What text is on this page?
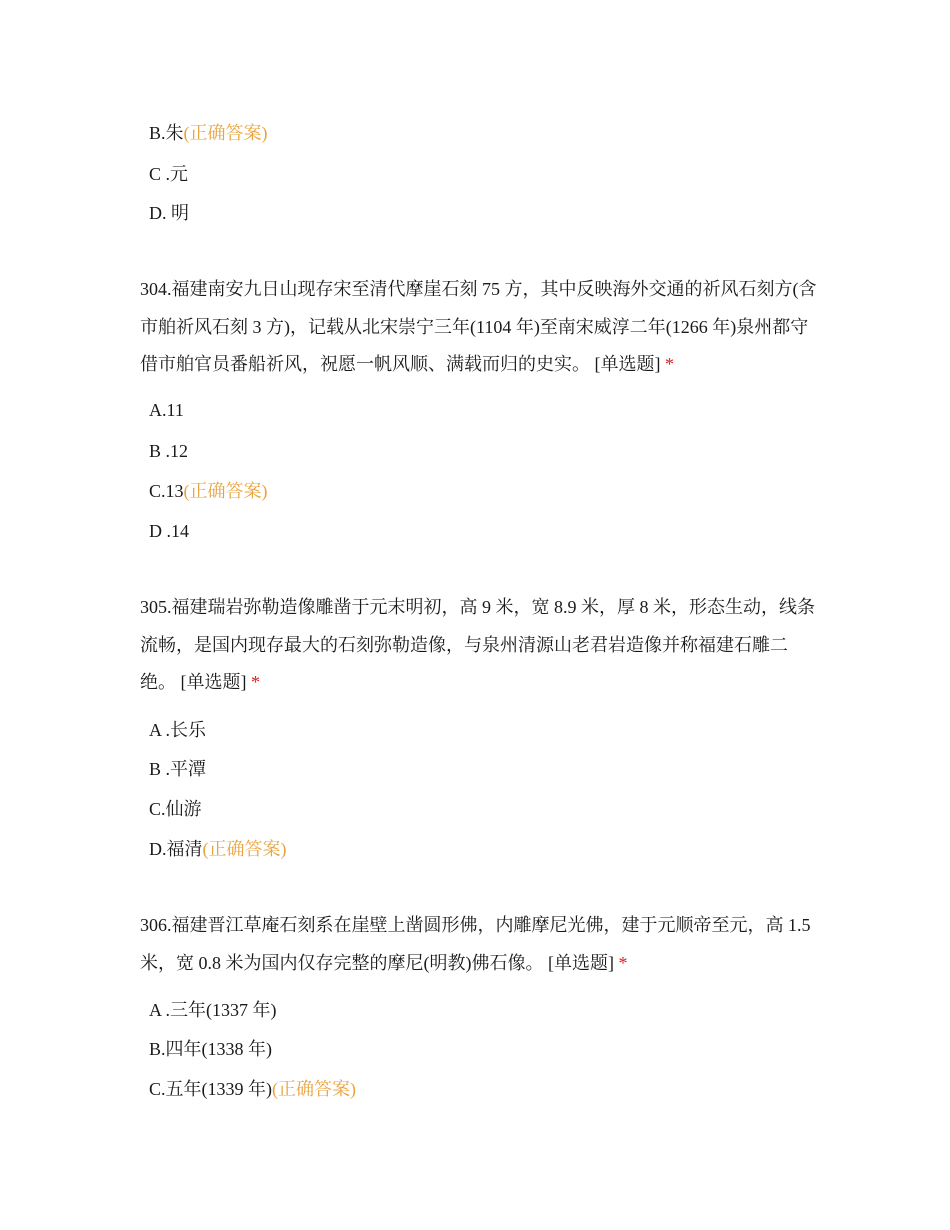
B.朱(正确答案)
C .元
D. 明
304.福建南安九日山现存宋至清代摩崖石刻 75 方，其中反映海外交通的祈风石刻方(含市舶祈风石刻 3 方)，记载从北宋崇宁三年(1104 年)至南宋威淳二年(1266 年)泉州都守借市舶官员番船祈风，祝愿一帆风顺、满载而归的史实。 [单选题] *
A.11
B .12
C.13(正确答案)
D .14
305.福建瑞岩弥勒造像雕凿于元末明初，高 9 米，宽 8.9 米，厚 8 米，形态生动，线条流畅，是国内现存最大的石刻弥勒造像，与泉州清源山老君岩造像并称福建石雕二绝。 [单选题] *
A .长乐
B .平潭
C.仙游
D.福清(正确答案)
306.福建晋江草庵石刻系在崖壁上凿圆形佛，内雕摩尼光佛，建于元顺帝至元，高 1.5 米，宽 0.8 米为国内仅存完整的摩尼(明教)佛石像。 [单选题] *
A .三年(1337 年)
B.四年(1338 年)
C.五年(1339 年)(正确答案)
